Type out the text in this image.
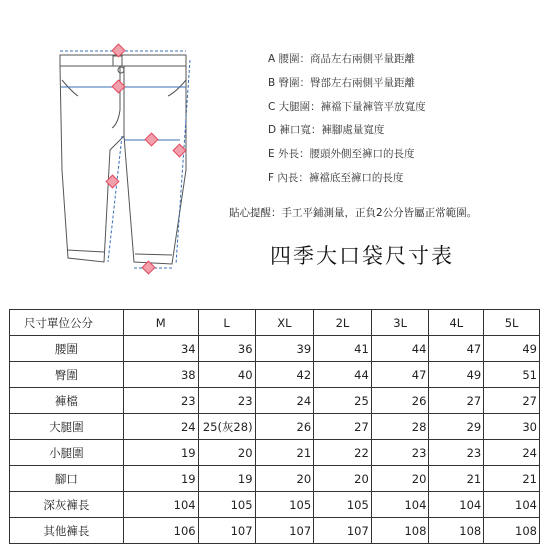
A 腰圍：商品左右兩側平量距離
B 臀圍：臀部左右兩側平量距離
C 大腿圍：褲襠下量褲管平放寬度
D 褲口寬：褲腳處量寬度
E 外長：腰頭外側至褲口的長度
F 內長：褲襠底至褲口的長度
貼心提醒：手工平鋪測量，正負2公分皆屬正常範圍。
四季大口袋尺寸表
尺寸單位公分	M	L	XL	2L	3L	4L	5L
腰圍	34	36	39	41	44	47	49
臀圍	38	40	42	44	47	49	51
褲檔	23	23	24	25	26	27	27
大腿圍	24	25(灰28)	26	27	28	29	30
小腿圍	19	20	21	22	23	23	24
腳口	19	19	20	20	20	21	21
深灰褲長	104	105	105	105	104	104	104
其他褲長	106	107	107	107	108	108	108
